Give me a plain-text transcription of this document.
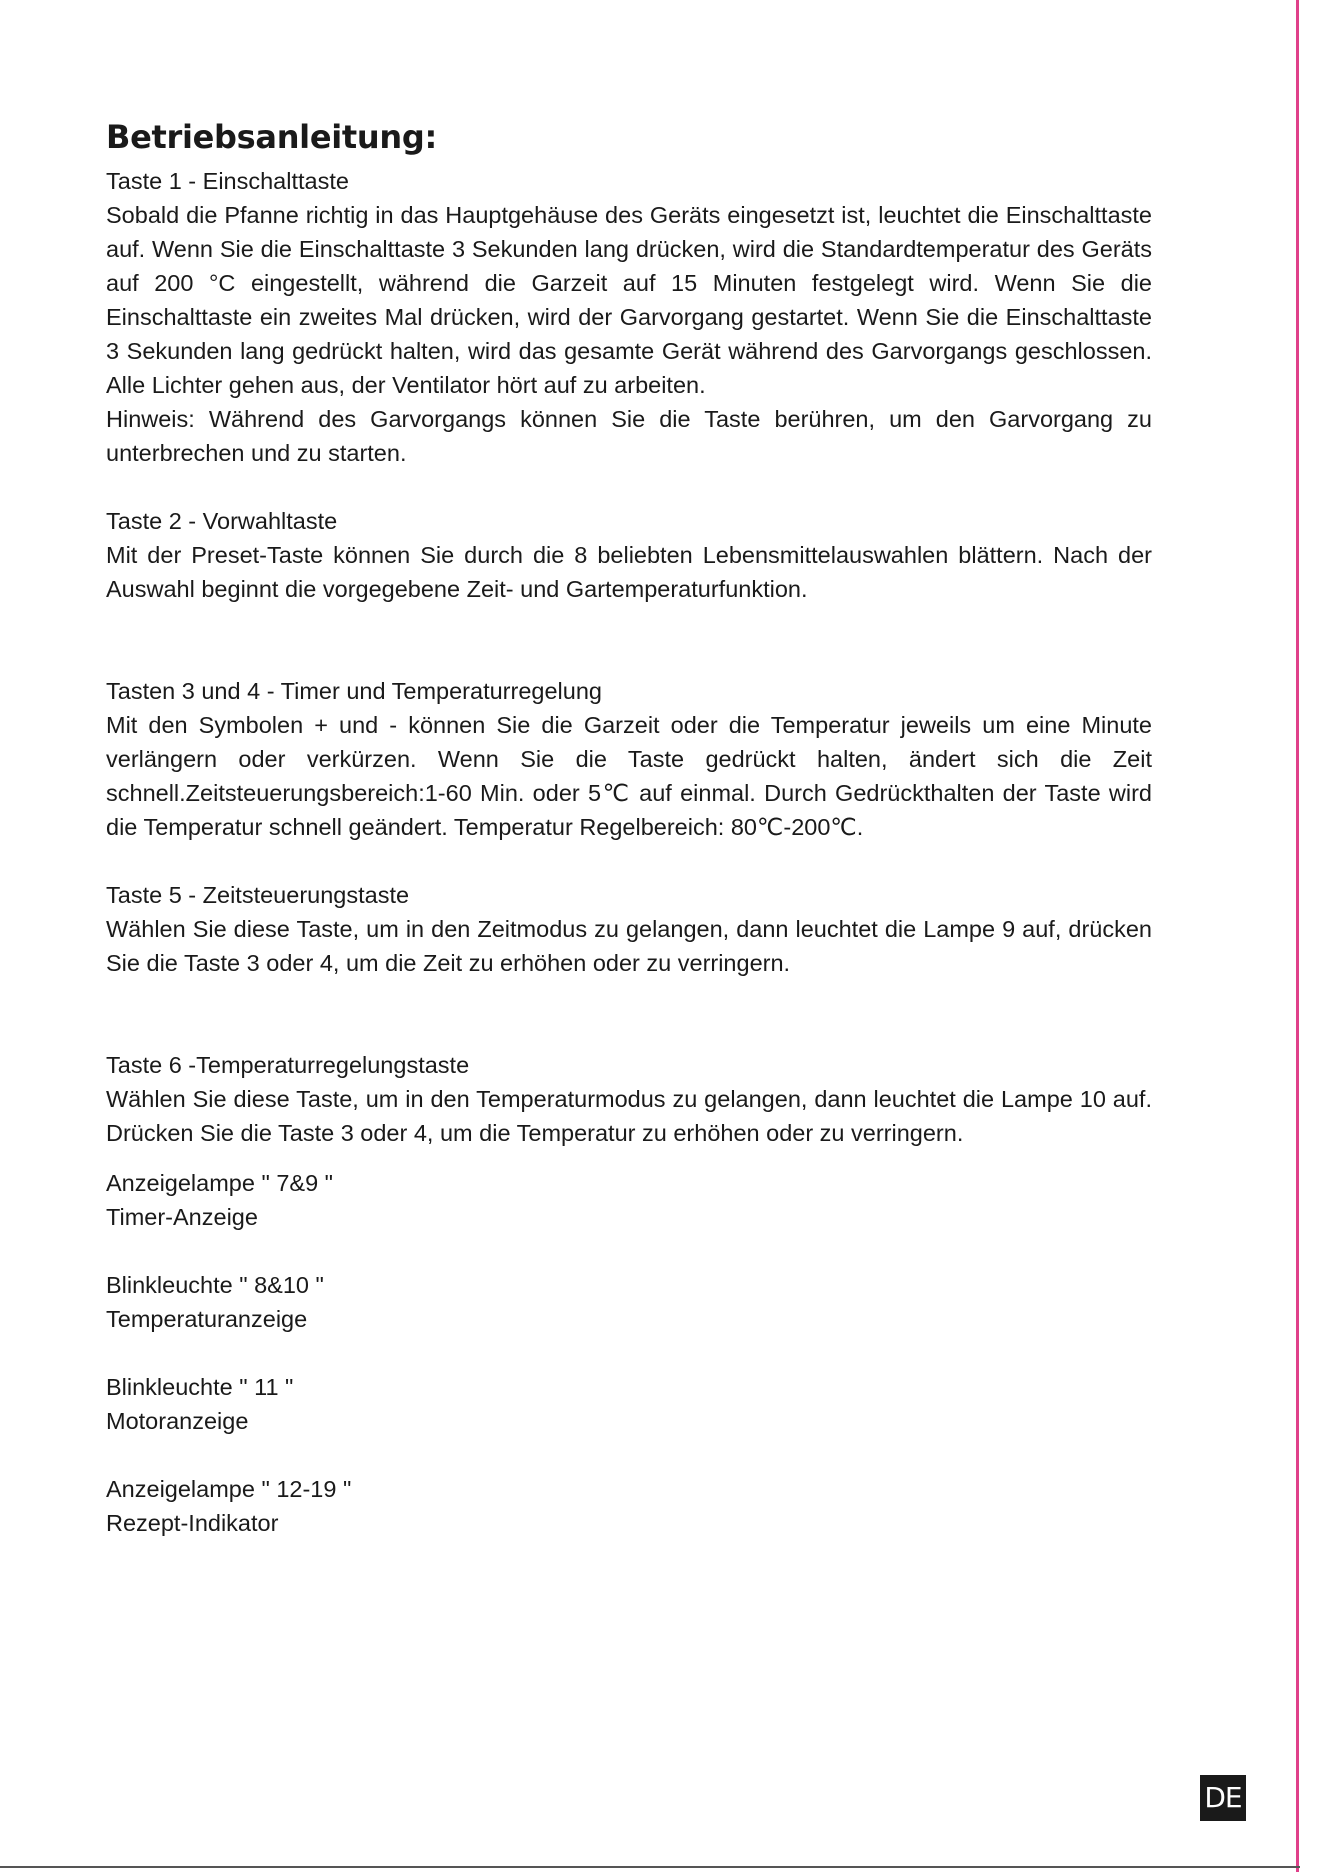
Betriebsanleitung:

Taste 1 - Einschalttaste

Sobald die Pfanne richtig in das Hauptgehäuse des Geräts eingesetzt ist, leuchtet die Einschalttaste auf. Wenn Sie die Einschalttaste 3 Sekunden lang drücken, wird die Standardtemperatur des Geräts auf 200 °C eingestellt, während die Garzeit auf 15 Minuten festgelegt wird. Wenn Sie die Einschalttaste ein zweites Mal drücken, wird der Garvorgang gestartet. Wenn Sie die Einschalttaste 3 Sekunden lang gedrückt halten, wird das gesamte Gerät während des Garvorgangs geschlossen. Alle Lichter gehen aus, der Ventilator hört auf zu arbeiten.

Hinweis: Während des Garvorgangs können Sie die Taste berühren, um den Garvorgang zu unterbrechen und zu starten.

Taste 2 - Vorwahltaste

Mit der Preset-Taste können Sie durch die 8 beliebten Lebensmittelauswahlen blättern. Nach der Auswahl beginnt die vorgegebene Zeit- und Gartemperaturfunktion.

Tasten 3 und 4 - Timer und Temperaturregelung

Mit den Symbolen + und - können Sie die Garzeit oder die Temperatur jeweils um eine Minute verlängern oder verkürzen. Wenn Sie die Taste gedrückt halten, ändert sich die Zeit schnell.Zeitsteuerungsbereich:1-60 Min. oder 5℃ auf einmal. Durch Gedrückthalten der Taste wird die Temperatur schnell geändert. Temperatur Regelbereich: 80℃-200℃.

Taste 5 - Zeitsteuerungstaste

Wählen Sie diese Taste, um in den Zeitmodus zu gelangen, dann leuchtet die Lampe 9 auf, drücken Sie die Taste 3 oder 4, um die Zeit zu erhöhen oder zu verringern.

Taste 6 -Temperaturregelungstaste

Wählen Sie diese Taste, um in den Temperaturmodus zu gelangen, dann leuchtet die Lampe 10 auf. Drücken Sie die Taste 3 oder 4, um die Temperatur zu erhöhen oder zu verringern.

Anzeigelampe " 7&9 "

Timer-Anzeige

Blinkleuchte " 8&10 "

Temperaturanzeige

Blinkleuchte " 11 "

Motoranzeige

Anzeigelampe " 12-19 "

Rezept-Indikator

DE
